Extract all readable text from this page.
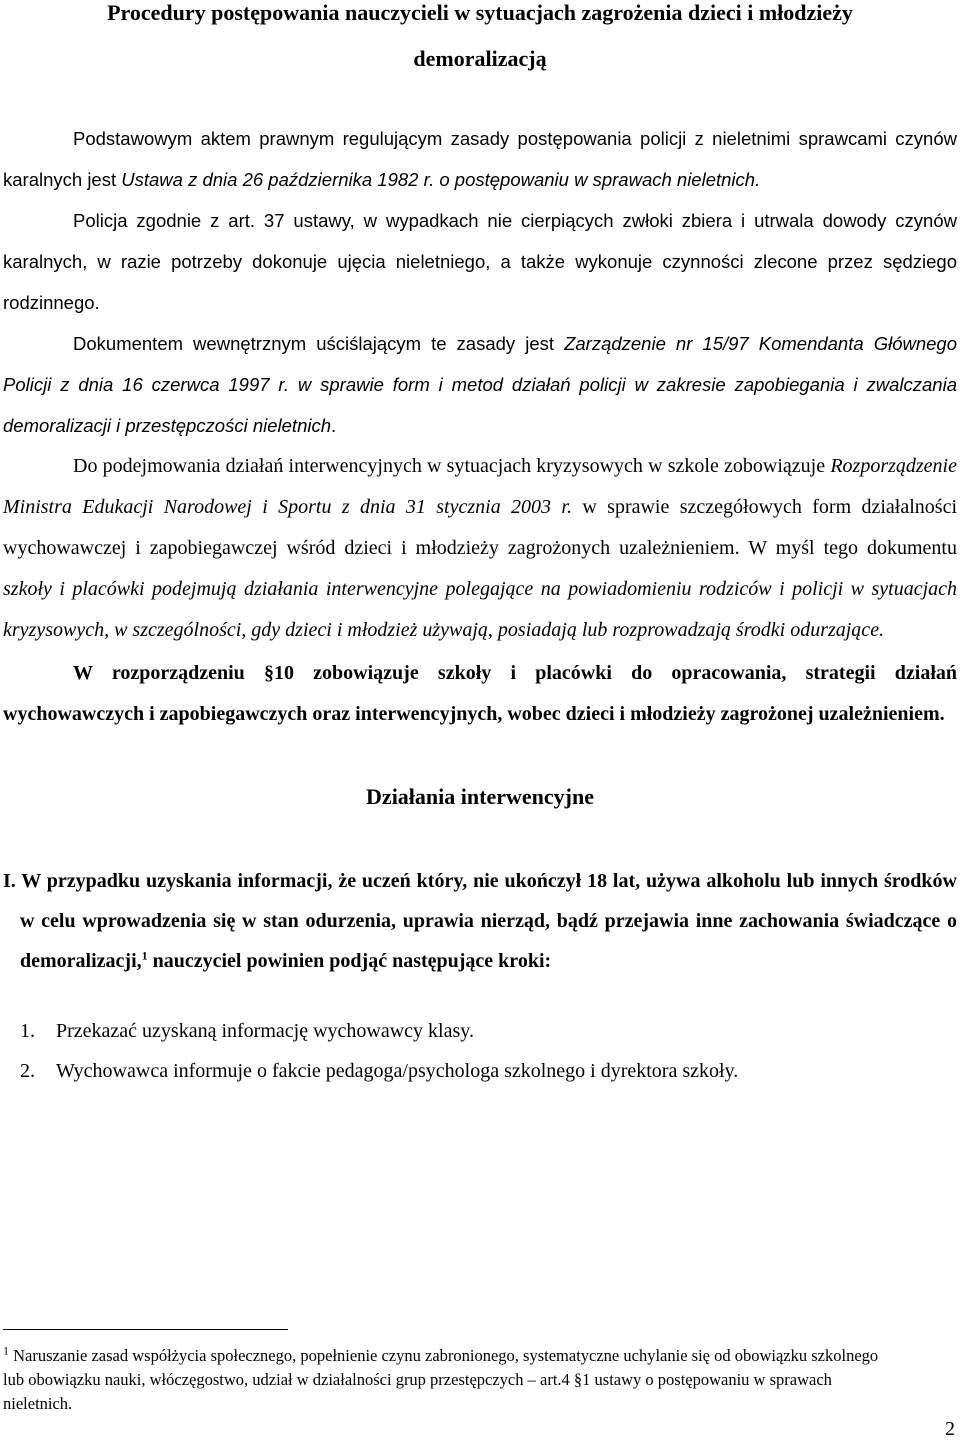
Procedury postępowania nauczycieli w sytuacjach zagrożenia dzieci i młodzieży
demoralizacją

Podstawowym aktem prawnym regulującym zasady postępowania policji z nieletnimi sprawcami czynów karalnych jest Ustawa z dnia 26 października 1982 r. o postępowaniu w sprawach nieletnich.

Policja zgodnie z art. 37 ustawy, w wypadkach nie cierpiących zwłoki zbiera i utrwala dowody czynów karalnych, w razie potrzeby dokonuje ujęcia nieletniego, a także wykonuje czynności zlecone przez sędziego rodzinnego.

Dokumentem wewnętrznym uściślającym te zasady jest Zarządzenie nr 15/97 Komendanta Głównego Policji z dnia 16 czerwca 1997 r. w sprawie form i metod działań policji w zakresie zapobiegania i zwalczania demoralizacji i przestępczości nieletnich.

Do podejmowania działań interwencyjnych w sytuacjach kryzysowych w szkole zobowiązuje Rozporządzenie Ministra Edukacji Narodowej i Sportu z dnia 31 stycznia 2003 r. w sprawie szczegółowych form działalności wychowawczej i zapobiegawczej wśród dzieci i młodzieży zagrożonych uzależnieniem. W myśl tego dokumentu szkoły i placówki podejmują działania interwencyjne polegające na powiadomieniu rodziców i policji w sytuacjach kryzysowych, w szczególności, gdy dzieci i młodzież używają, posiadają lub rozprowadzają środki odurzające.

W rozporządzeniu §10 zobowiązuje szkoły i placówki do opracowania, strategii działań wychowawczych i zapobiegawczych oraz interwencyjnych, wobec dzieci i młodzieży zagrożonej uzależnieniem.

Działania interwencyjne

I. W przypadku uzyskania informacji, że uczeń który, nie ukończył 18 lat, używa alkoholu lub innych środków w celu wprowadzenia się w stan odurzenia, uprawia nierząd, bądź przejawia inne zachowania świadczące o demoralizacji,$^1$ nauczyciel powinien podjąć następujące kroki:

1. Przekazać uzyskaną informację wychowawcy klasy.
2. Wychowawca informuje o fakcie pedagoga/psychologa szkolnego i dyrektora szkoły.
$^1$ Naruszanie zasad współżycia społecznego, popełnienie czynu zabronionego, systematyczne uchylanie się od obowiązku szkolnego lub obowiązku nauki, włóczęgostwo, udział w działalności grup przestępczych – art.4 §1 ustawy o postępowaniu w sprawach nieletnich.
2
